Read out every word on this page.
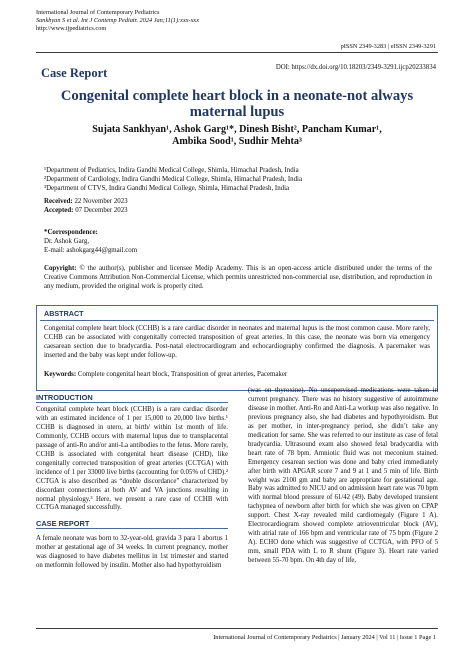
International Journal of Contemporary Pediatrics
Sankhyan S et al. Int J Contemp Pediatr. 2024 Jan;11(1):xxx-xxx
http://www.ijpediatrics.com
pISSN 2349-3283 | eISSN 2349-3291
Case Report	DOI: https://dx.doi.org/10.18203/2349-3291.ijcp20233834
Congenital complete heart block in a neonate-not always maternal lupus
Sujata Sankhyan¹, Ashok Garg¹*, Dinesh Bisht², Pancham Kumar¹,
Ambika Sood¹, Sudhir Mehta³
¹Department of Pediatrics, Indira Gandhi Medical College, Shimla, Himachal Pradesh, India
²Department of Cardiology, Indira Gandhi Medical College, Shimla, Himachal Pradesh, India
³Department of CTVS, Indira Gandhi Medical College, Shimla, Himachal Pradesh, India
Received: 22 November 2023
Accepted: 07 December 2023
*Correspondence:
Dr. Ashok Garg,
E-mail: ashokgarg44@gmail.com
Copyright: © the author(s), publisher and licensee Medip Academy. This is an open-access article distributed under the terms of the Creative Commons Attribution Non-Commercial License, which permits unrestricted non-commercial use, distribution, and reproduction in any medium, provided the original work is properly cited.
ABSTRACT
Congenital complete heart block (CCHB) is a rare cardiac disorder in neonates and maternal lupus is the most common cause. More rarely, CCHB can be associated with congenitally corrected transposition of great arteries. In this case, the neonate was born via emergency caesarean section due to bradycardia. Post-natal electrocardiogram and echocardiography confirmed the diagnosis. A pacemaker was inserted and the baby was kept under follow-up.
Keywords: Complete congenital heart block, Transposition of great arteries, Pacemaker
INTRODUCTION
Congenital complete heart block (CCHB) is a rare cardiac disorder with an estimated incidence of 1 per 15,000 to 20,000 live births.¹ CCHB is diagnosed in utero, at birth/ within 1st month of life. Commonly, CCHB occurs with maternal lupus due to transplacental passage of anti-Ro and/or anti-La antibodies to the fetus. More rarely, CCHB is associated with congenital heart disease (CHD), like congenitally corrected transposition of great arteries (CCTGA) with incidence of 1 per 33000 live births (accounting for 0.05% of CHD).² CCTGA is also described as “double discordance” characterized by discordant connections at both AV and VA junctions resulting in normal physiology.³ Here, we present a rare case of CCHB with CCTGA managed successfully.
CASE REPORT
A female neonate was born to 32-year-old, gravida 3 para 1 abortus 1 mother at gestational age of 34 weeks. In current pregnancy, mother was diagnosed to have diabetes mellitus in 1st trimester and started on metformin followed by insulin. Mother also had hypothyroidism
(was on thyroxine). No unsupervised medications were taken in current pregnancy. There was no history suggestive of autoimmune disease in mother. Anti-Ro and Anti-La workup was also negative. In previous pregnancy also, she had diabetes and hypothyroidism. But as per mother, in inter-pregnancy period, she didn’t take any medication for same. She was referred to our institute as case of fetal bradycardia. Ultrasound exam also showed fetal bradycardia with heart rate of 78 bpm. Amniotic fluid was not meconium stained. Emergency cesarean section was done and baby cried immediately after birth with APGAR score 7 and 9 at 1 and 5 min of life. Birth weight was 2100 gm and baby are appropriate for gestational age. Baby was admitted to NICU and on admission heart rate was 70 bpm with normal blood pressure of 61/42 (49). Baby developed transient tachypnea of newborn after birth for which she was given on CPAP support. Chest X-ray revealed mild cardiomegaly (Figure 1 A). Electrocardiogram showed complete atrioventricular block (AV), with atrial rate of 166 bpm and ventricular rate of 75 bpm (Figure 2 A). ECHO done which was suggestive of CCTGA, with PFO of 5 mm, small PDA with L to R shunt (Figure 3). Heart rate varied between 55-70 bpm. On 4th day of life,
International Journal of Contemporary Pediatrics | January 2024 | Vol 11 | Issue 1 Page 1
